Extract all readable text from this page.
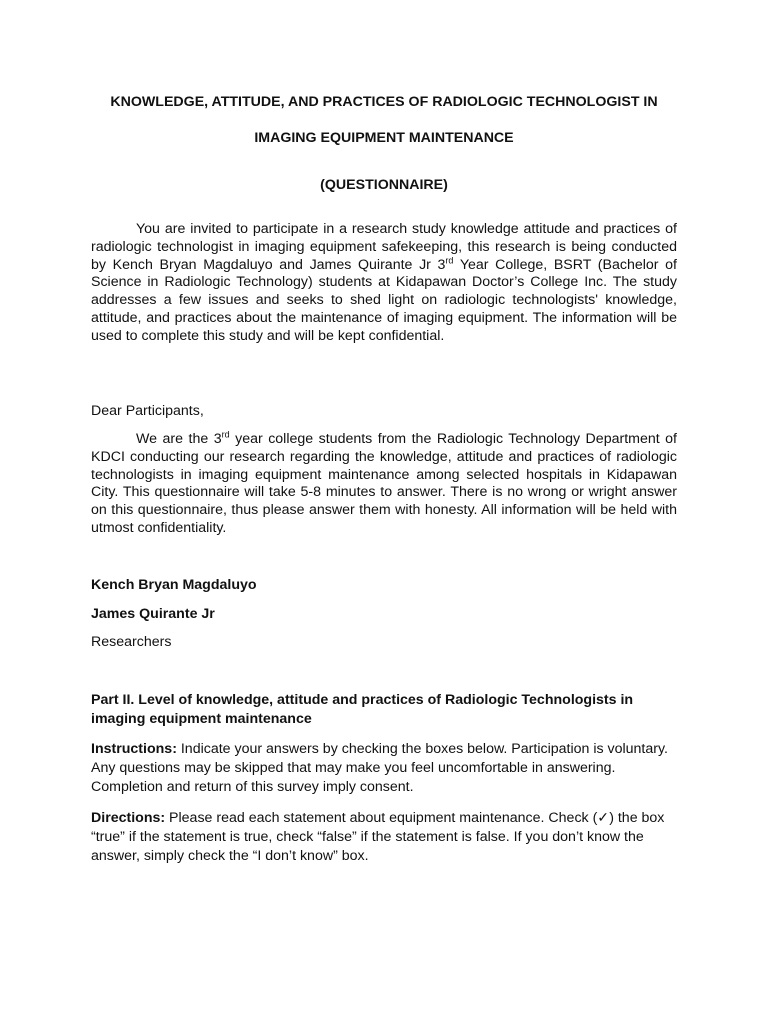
KNOWLEDGE, ATTITUDE, AND PRACTICES OF RADIOLOGIC TECHNOLOGIST IN

IMAGING EQUIPMENT MAINTENANCE

(QUESTIONNAIRE)

You are invited to participate in a research study knowledge attitude and practices of radiologic technologist in imaging equipment safekeeping, this research is being conducted by Kench Bryan Magdaluyo and James Quirante Jr 3rd Year College, BSRT (Bachelor of Science in Radiologic Technology) students at Kidapawan Doctor’s College Inc. The study addresses a few issues and seeks to shed light on radiologic technologists' knowledge, attitude, and practices about the maintenance of imaging equipment. The information will be used to complete this study and will be kept confidential.

Dear Participants,

We are the 3rd year college students from the Radiologic Technology Department of KDCI conducting our research regarding the knowledge, attitude and practices of radiologic technologists in imaging equipment maintenance among selected hospitals in Kidapawan City. This questionnaire will take 5-8 minutes to answer. There is no wrong or wright answer on this questionnaire, thus please answer them with honesty. All information will be held with utmost confidentiality.

Kench Bryan Magdaluyo

James Quirante Jr

Researchers

Part II. Level of knowledge, attitude and practices of Radiologic Technologists in imaging equipment maintenance

Instructions: Indicate your answers by checking the boxes below. Participation is voluntary. Any questions may be skipped that may make you feel uncomfortable in answering. Completion and return of this survey imply consent.

Directions: Please read each statement about equipment maintenance. Check (✓) the box “true” if the statement is true, check “false” if the statement is false. If you don’t know the answer, simply check the “I don’t know” box.
